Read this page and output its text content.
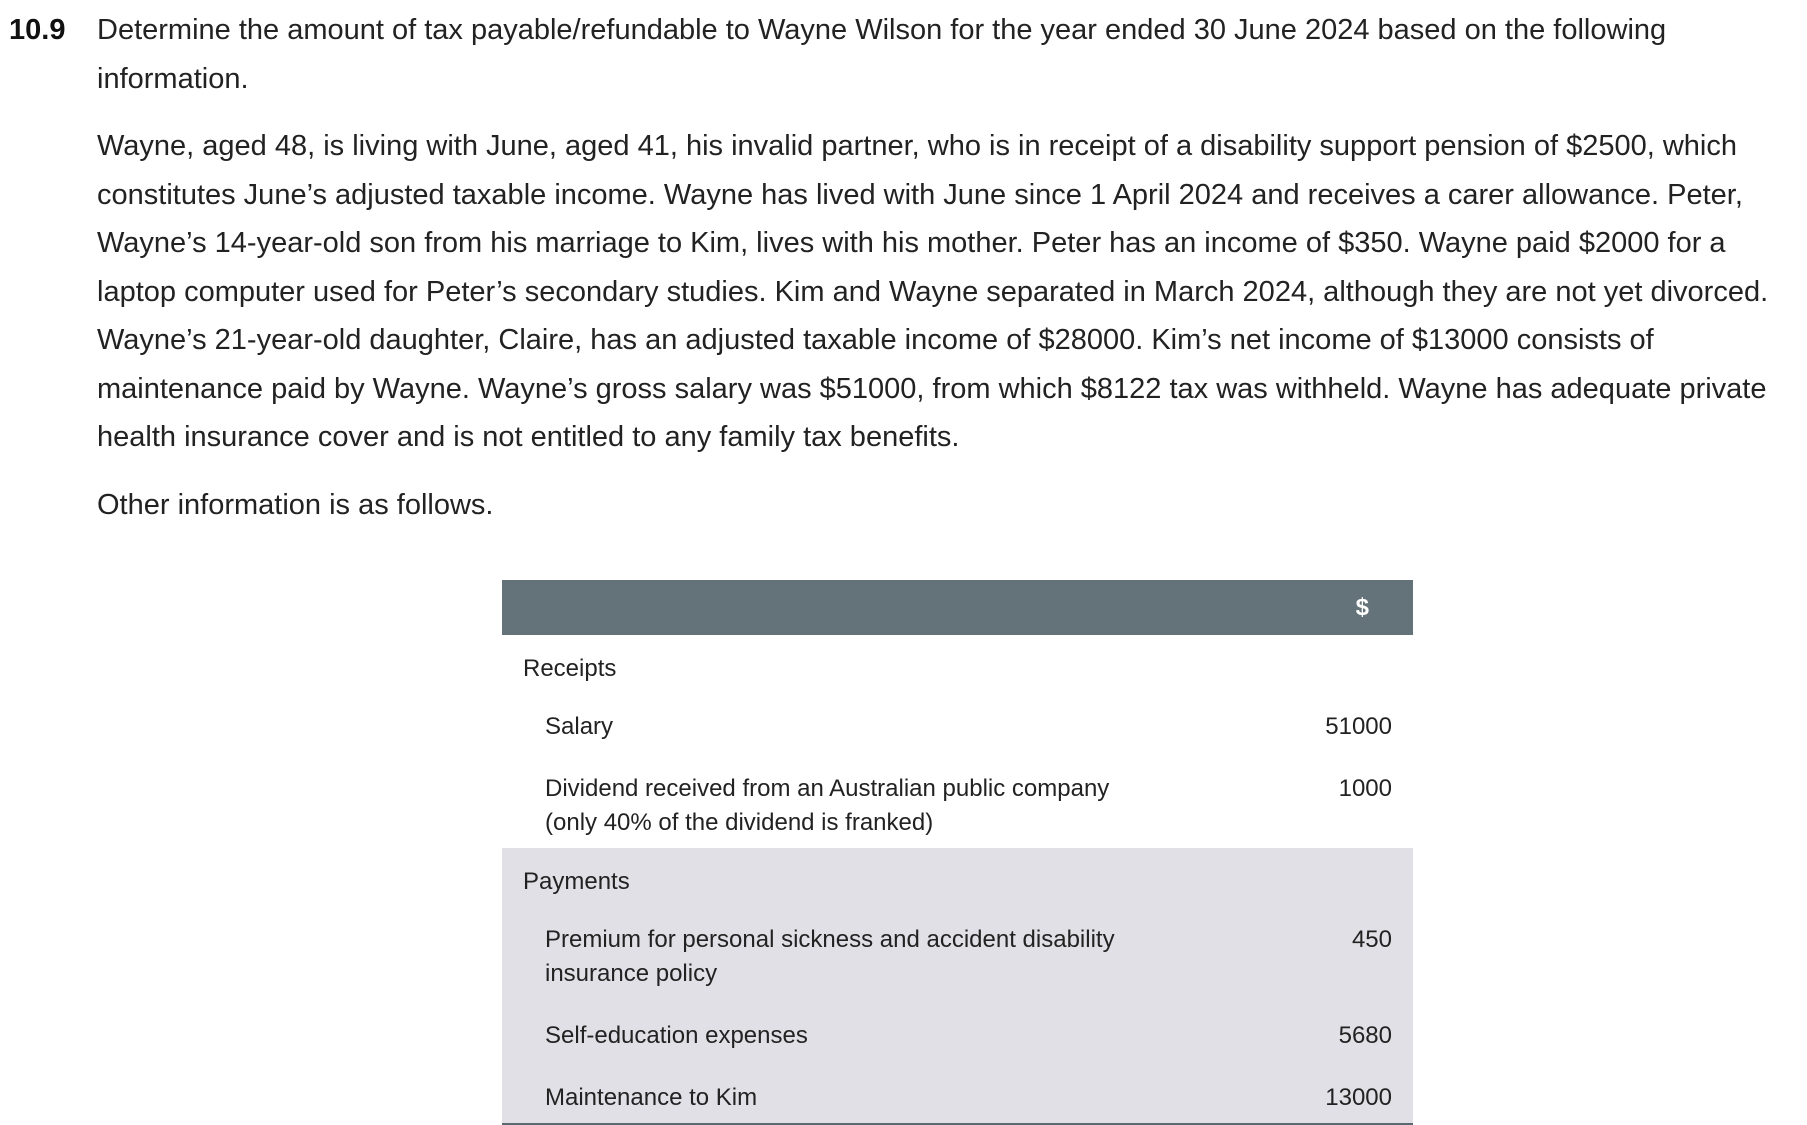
10.9 Determine the amount of tax payable/refundable to Wayne Wilson for the year ended 30 June 2024 based on the following information.

Wayne, aged 48, is living with June, aged 41, his invalid partner, who is in receipt of a disability support pension of $2500, which constitutes June’s adjusted taxable income. Wayne has lived with June since 1 April 2024 and receives a carer allowance. Peter, Wayne’s 14-year-old son from his marriage to Kim, lives with his mother. Peter has an income of $350. Wayne paid $2000 for a laptop computer used for Peter’s secondary studies. Kim and Wayne separated in March 2024, although they are not yet divorced. Wayne’s 21-year-old daughter, Claire, has an adjusted taxable income of $28000. Kim’s net income of $13000 consists of maintenance paid by Wayne. Wayne’s gross salary was $51000, from which $8122 tax was withheld. Wayne has adequate private health insurance cover and is not entitled to any family tax benefits.

Other information is as follows.

	$
Receipts	
Salary	51000
Dividend received from an Australian public company
(only 40% of the dividend is franked)	1000
Payments	
Premium for personal sickness and accident disability
insurance policy	450
Self-education expenses	5680
Maintenance to Kim	13000
